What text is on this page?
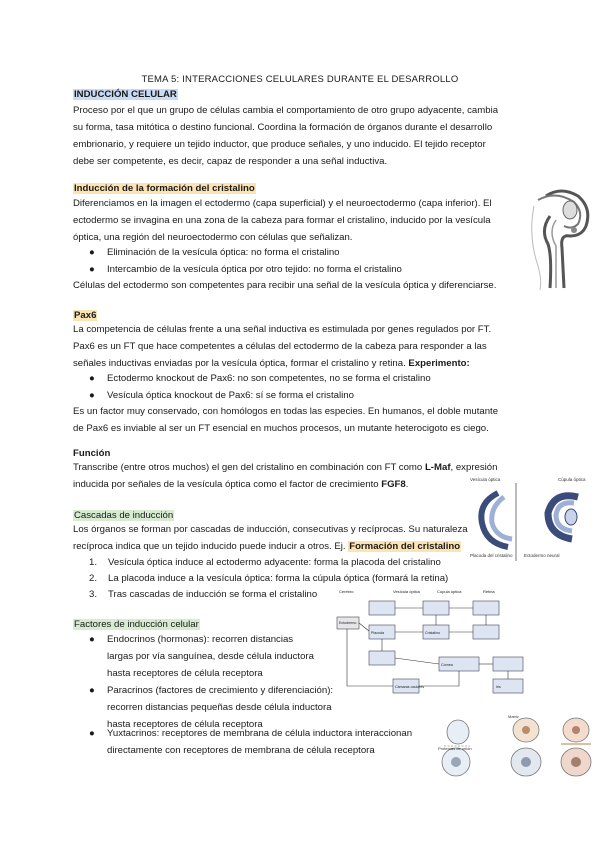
TEMA 5: INTERACCIONES CELULARES DURANTE EL DESARROLLO
INDUCCIÓN CELULAR
Proceso por el que un grupo de células cambia el comportamiento de otro grupo adyacente, cambia
su forma, tasa mitótica o destino funcional. Coordina la formación de órganos durante el desarrollo
embrionario, y requiere un tejido inductor, que produce señales, y uno inducido. El tejido receptor
debe ser competente, es decir, capaz de responder a una señal inductiva.
Inducción de la formación del cristalino
Diferenciamos en la imagen el ectodermo (capa superficial) y el neuroectodermo (capa inferior). El
ectodermo se invagina en una zona de la cabeza para formar el cristalino, inducido por la vesícula
óptica, una región del neuroectodermo con células que señalizan.
● Eliminación de la vesícula óptica: no forma el cristalino
● Intercambio de la vesícula óptica por otro tejido: no forma el cristalino
Células del ectodermo son competentes para recibir una señal de la vesícula óptica y diferenciarse.
Pax6
La competencia de células frente a una señal inductiva es estimulada por genes regulados por FT.
Pax6 es un FT que hace competentes a células del ectodermo de la cabeza para responder a las
señales inductivas enviadas por la vesícula óptica, formar el cristalino y retina. Experimento:
● Ectodermo knockout de Pax6: no son competentes, no se forma el cristalino
● Vesícula óptica knockout de Pax6: sí se forma el cristalino
Es un factor muy conservado, con homólogos en todas las especies. En humanos, el doble mutante
de Pax6 es inviable al ser un FT esencial en muchos procesos, un mutante heterocigoto es ciego.
Función
Transcribe (entre otros muchos) el gen del cristalino en combinación con FT como L-Maf, expresión
inducida por señales de la vesícula óptica como el factor de crecimiento FGF8.
Cascadas de inducción
Los órganos se forman por cascadas de inducción, consecutivas y recíprocas. Su naturaleza
recíproca indica que un tejido inducido puede inducir a otros. Ej. Formación del cristalino
1. Vesícula óptica induce al ectodermo adyacente: forma la placoda del cristalino
2. La placoda induce a la vesícula óptica: forma la cúpula óptica (formará la retina)
3. Tras cascadas de inducción se forma el cristalino
Factores de inducción celular
● Endocrinos (hormonas): recorren distancias
largas por vía sanguínea, desde célula inductora
hasta receptores de célula receptora
● Paracrinos (factores de crecimiento y diferenciación):
recorren distancias pequeñas desde célula inductora
hasta receptores de célula receptora
● Yuxtacrinos: receptores de membrana de célula inductora interaccionan
directamente con receptores de membrana de célula receptora
Vesícula óptica	Cúpula óptica
Placoda del cristalino	Ectodermo neural
Cerebro	Vesícula óptica	Cúpula óptica	Retina
Ectodermo
Placoda	Cristalino
Córnea
Cámaras oculares	Iris
Matriz
Proteínas de unión
